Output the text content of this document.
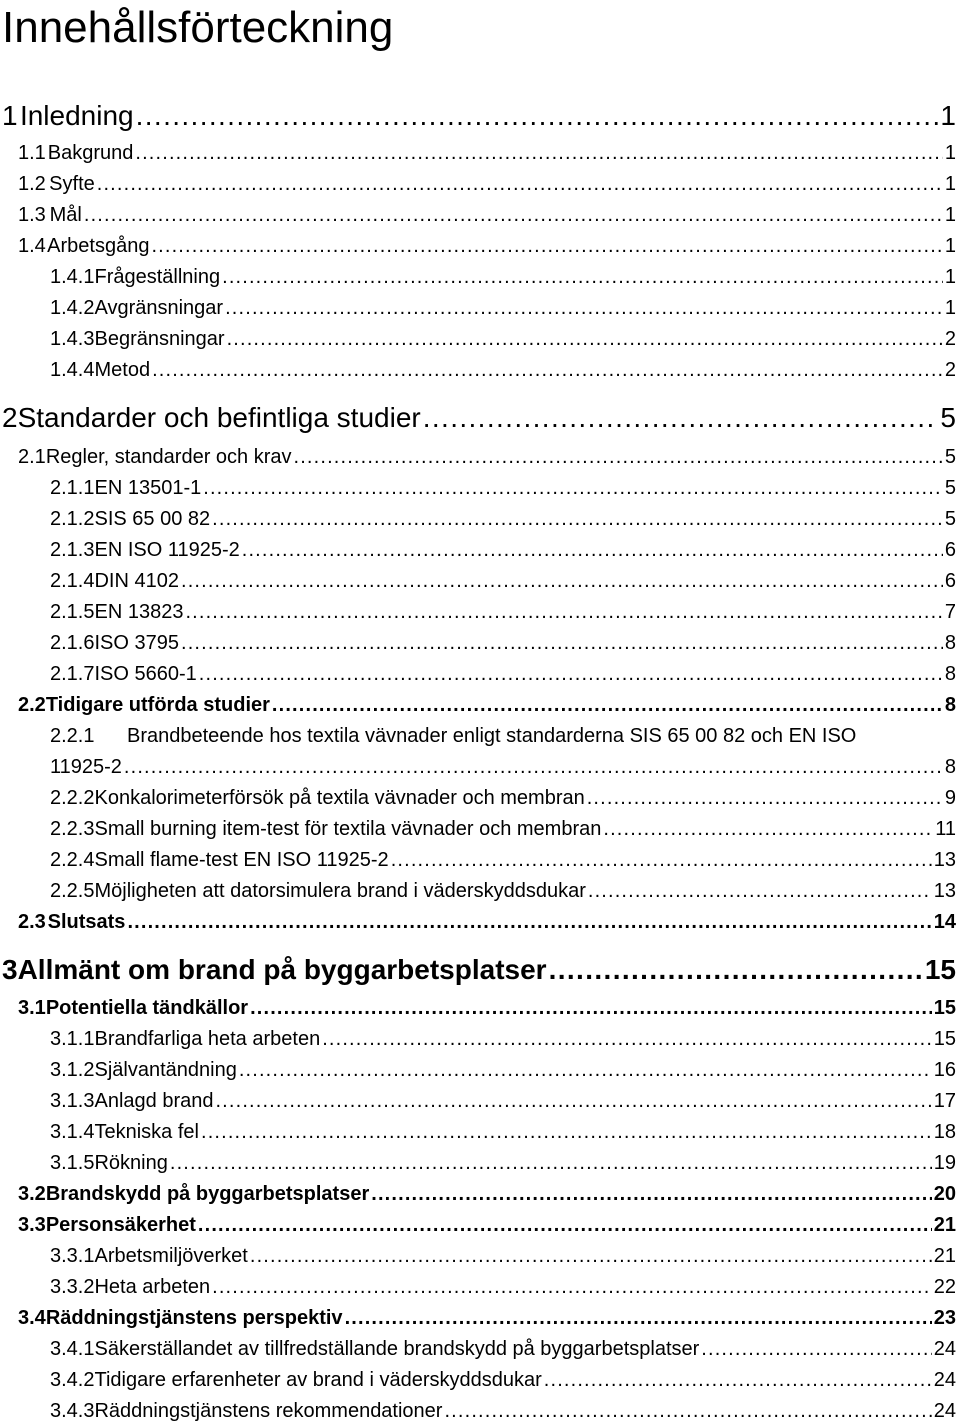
Innehållsförteckning
1 Inledning . . .	1
1.1 Bakgrund . . .	1
1.2 Syfte . . .	1
1.3 Mål . . .	1
1.4 Arbetsgång . . .	1
1.4.1 Frågeställning . . .	1
1.4.2 Avgränsningar . . .	1
1.4.3 Begränsningar . . .	2
1.4.4 Metod . . .	2
2 Standarder och befintliga studier . . .	5
2.1 Regler, standarder och krav . . .	5
2.1.1 EN 13501-1 . . .	5
2.1.2 SIS 65 00 82 . . .	5
2.1.3 EN ISO 11925-2 . . .	6
2.1.4 DIN 4102 . . .	6
2.1.5 EN 13823 . . .	7
2.1.6 ISO 3795 . . .	8
2.1.7 ISO 5660-1 . . .	8
2.2 Tidigare utförda studier . . .	8
2.2.1	Brandbeteende hos textila vävnader enligt standarderna SIS 65 00 82 och EN ISO
11925-2 . . .	8
2.2.2 Konkalorimeterförsök på textila vävnader och membran . . .	9
2.2.3 Small burning item-test för textila vävnader och membran . . .	11
2.2.4 Small flame-test EN ISO 11925-2 . . .	13
2.2.5 Möjligheten att datorsimulera brand i väderskyddsdukar . . .	13
2.3 Slutsats . . .	14
3 Allmänt om brand på byggarbetsplatser . . .	15
3.1 Potentiella tändkällor . . .	15
3.1.1 Brandfarliga heta arbeten . . .	15
3.1.2 Självantändning . . .	16
3.1.3 Anlagd brand . . .	17
3.1.4 Tekniska fel . . .	18
3.1.5 Rökning . . .	19
3.2 Brandskydd på byggarbetsplatser . . .	20
3.3 Personsäkerhet . . .	21
3.3.1 Arbetsmiljöverket . . .	21
3.3.2 Heta arbeten . . .	22
3.4 Räddningstjänstens perspektiv . . .	23
3.4.1 Säkerställandet av tillfredställande brandskydd på byggarbetsplatser . . .	24
3.4.2 Tidigare erfarenheter av brand i väderskyddsdukar . . .	24
3.4.3 Räddningstjänstens rekommendationer . . .	24
